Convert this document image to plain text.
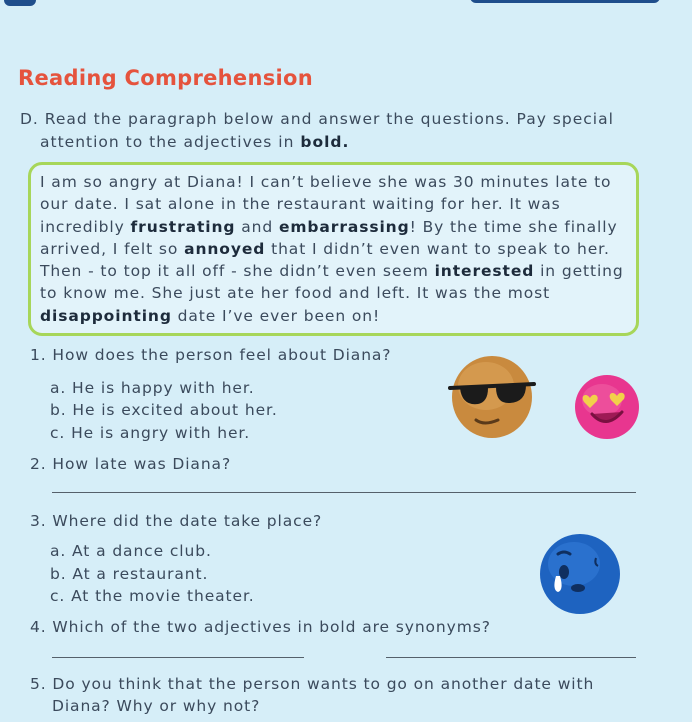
Reading Comprehension
D. Read the paragraph below and answer the questions. Pay special
attention to the adjectives in bold.
I am so angry at Diana! I can’t believe she was 30 minutes late to
our date. I sat alone in the restaurant waiting for her. It was
incredibly frustrating and embarrassing! By the time she finally
arrived, I felt so annoyed that I didn’t even want to speak to her.
Then - to top it all off - she didn’t even seem interested in getting
to know me. She just ate her food and left. It was the most
disappointing date I’ve ever been on!
1. How does the person feel about Diana?
a. He is happy with her.
b. He is excited about her.
c. He is angry with her.
2. How late was Diana?
3. Where did the date take place?
a. At a dance club.
b. At a restaurant.
c. At the movie theater.
4. Which of the two adjectives in bold are synonyms?
5. Do you think that the person wants to go on another date with
Diana? Why or why not?
